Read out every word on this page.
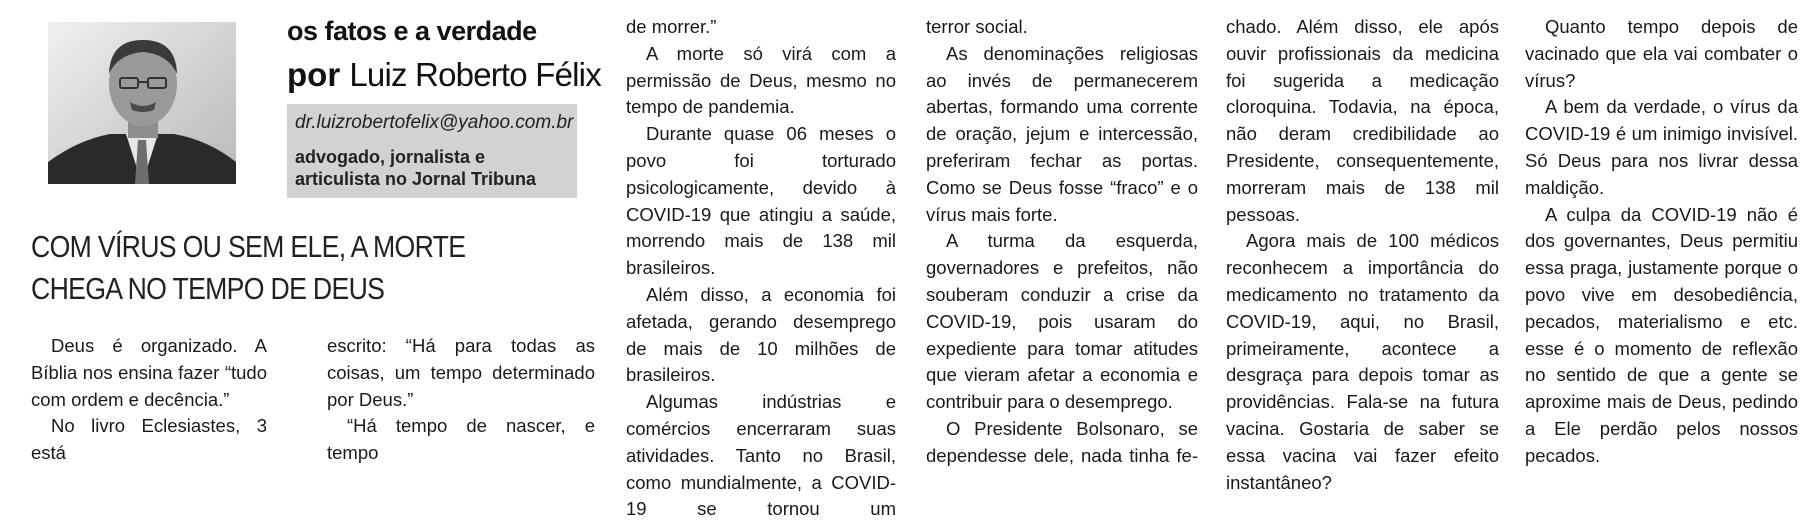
os fatos e a verdade
por Luiz Roberto Félix
dr.luizrobertofelix@yahoo.com.br
advogado, jornalista e
articulista no Jornal Tribuna
COM VÍRUS OU SEM ELE, A MORTE
CHEGA NO TEMPO DE DEUS

Deus é organizado. A Bíblia nos ensina fazer “tudo com ordem e decência.”

No livro Eclesiastes, 3 está

escrito: “Há para todas as coisas, um tempo determinado por Deus.”

“Há tempo de nascer, e tempo

de morrer.”

A morte só virá com a permissão de Deus, mesmo no tempo de pandemia.

Durante quase 06 meses o povo foi torturado psicologicamente, devido à COVID-19 que atingiu a saúde, morrendo mais de 138 mil brasileiros.

Além disso, a economia foi afetada, gerando desemprego de mais de 10 milhões de brasileiros.

Algumas indústrias e comércios encerraram suas atividades. Tanto no Brasil, como mundialmente, a COVID-19 se tornou um

terror social.

As denominações religiosas ao invés de permanecerem abertas, formando uma corrente de oração, jejum e intercessão, preferiram fechar as portas. Como se Deus fosse “fraco” e o vírus mais forte.

A turma da esquerda, governadores e prefeitos, não souberam conduzir a crise da COVID-19, pois usaram do expediente para tomar atitudes que vieram afetar a economia e contribuir para o desemprego.

O Presidente Bolsonaro, se dependesse dele, nada tinha fe-

chado. Além disso, ele após ouvir profissionais da medicina foi sugerida a medicação cloroquina. Todavia, na época, não deram credibilidade ao Presidente, consequentemente, morreram mais de 138 mil pessoas.

Agora mais de 100 médicos reconhecem a importância do medicamento no tratamento da COVID-19, aqui, no Brasil, primeiramente, acontece a desgraça para depois tomar as providências. Fala-se na futura vacina. Gostaria de saber se essa vacina vai fazer efeito instantâneo?

Quanto tempo depois de vacinado que ela vai combater o vírus?

A bem da verdade, o vírus da COVID-19 é um inimigo invisível. Só Deus para nos livrar dessa maldição.

A culpa da COVID-19 não é dos governantes, Deus permitiu essa praga, justamente porque o povo vive em desobediência, pecados, materialismo e etc. esse é o momento de reflexão no sentido de que a gente se aproxime mais de Deus, pedindo a Ele perdão pelos nossos pecados.
